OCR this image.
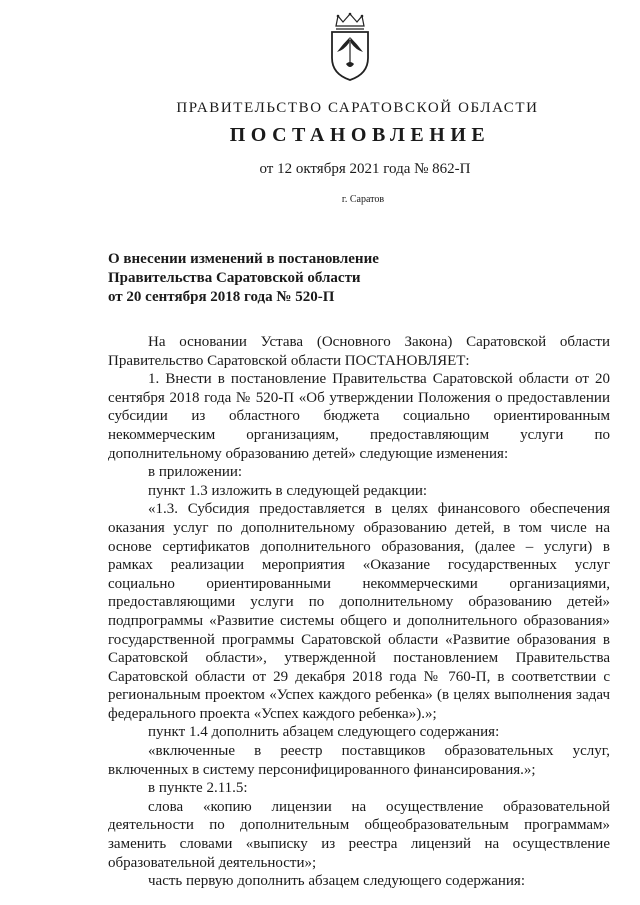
ПРАВИТЕЛЬСТВО САРАТОВСКОЙ ОБЛАСТИ
ПОСТАНОВЛЕНИЕ
от 12 октября 2021 года № 862-П
г. Саратов
О внесении изменений в постановление
Правительства Саратовской области
от 20 сентября 2018 года № 520-П

На основании Устава (Основного Закона) Саратовской области Правительство Саратовской области ПОСТАНОВЛЯЕТ:

1. Внести в постановление Правительства Саратовской области от 20 сентября 2018 года № 520-П «Об утверждении Положения о предоставлении субсидии из областного бюджета социально ориентированным некоммерческим организациям, предоставляющим услуги по дополнительному образованию детей» следующие изменения:

в приложении:

пункт 1.3 изложить в следующей редакции:

«1.3. Субсидия предоставляется в целях финансового обеспечения оказания услуг по дополнительному образованию детей, в том числе на основе сертификатов дополнительного образования, (далее – услуги) в рамках реализации мероприятия «Оказание государственных услуг социально ориентированными некоммерческими организациями, предоставляющими услуги по дополнительному образованию детей» подпрограммы «Развитие системы общего и дополнительного образования» государственной программы Саратовской области «Развитие образования в Саратовской области», утвержденной постановлением Правительства Саратовской области от 29 декабря 2018 года № 760-П, в соответствии с региональным проектом «Успех каждого ребенка» (в целях выполнения задач федерального проекта «Успех каждого ребенка»).»;

пункт 1.4 дополнить абзацем следующего содержания:

«включенные в реестр поставщиков образовательных услуг, включенных в систему персонифицированного финансирования.»;

в пункте 2.11.5:

слова «копию лицензии на осуществление образовательной деятельности по дополнительным общеобразовательным программам» заменить словами «выписку из реестра лицензий на осуществление образовательной деятельности»;

часть первую дополнить абзацем следующего содержания:
